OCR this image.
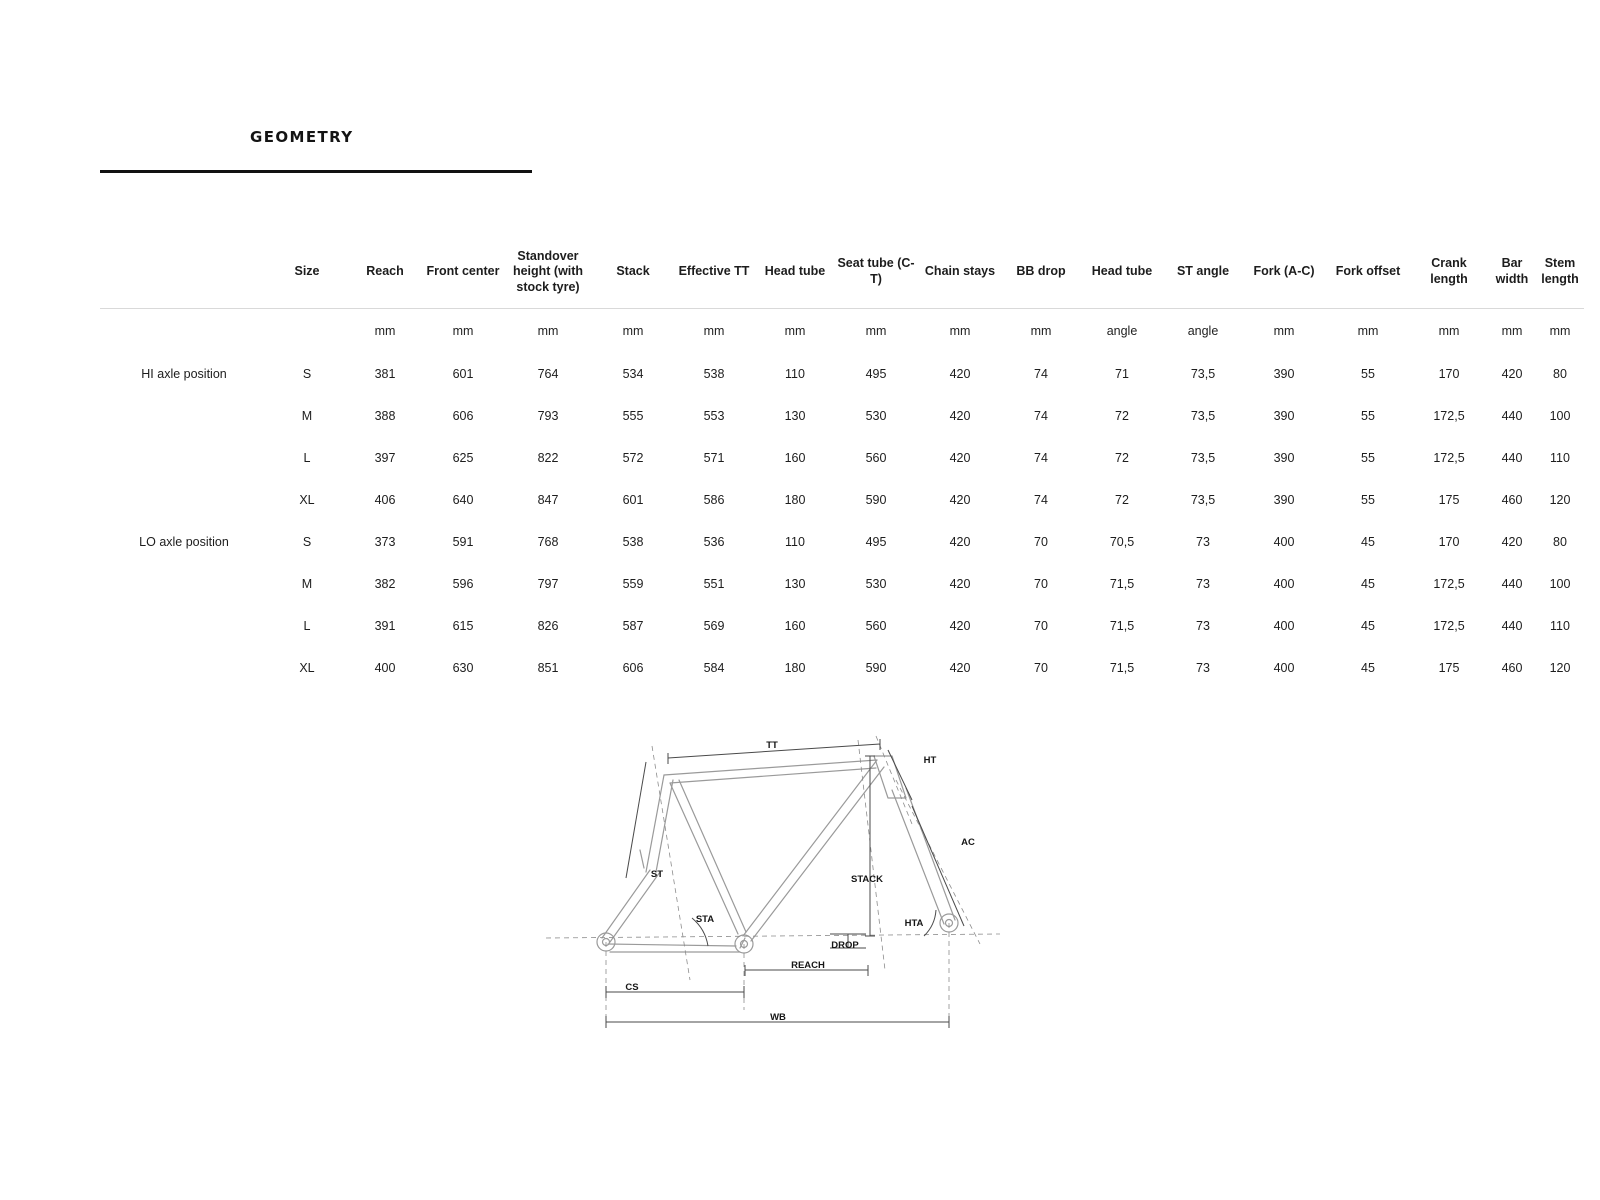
GEOMETRY
	Size	Reach	Front center	Standover height (with stock tyre)	Stack	Effective TT	Head tube	Seat tube (C-T)	Chain stays	BB drop	Head tube	ST angle	Fork (A-C)	Fork offset	Crank length	Bar width	Stem length
		mm	mm	mm	mm	mm	mm	mm	mm	mm	angle	angle	mm	mm	mm	mm	mm
HI axle position	S	381	601	764	534	538	110	495	420	74	71	73,5	390	55	170	420	80
	M	388	606	793	555	553	130	530	420	74	72	73,5	390	55	172,5	440	100
	L	397	625	822	572	571	160	560	420	74	72	73,5	390	55	172,5	440	110
	XL	406	640	847	601	586	180	590	420	74	72	73,5	390	55	175	460	120
LO axle position	S	373	591	768	538	536	110	495	420	70	70,5	73	400	45	170	420	80
	M	382	596	797	559	551	130	530	420	70	71,5	73	400	45	172,5	440	100
	L	391	615	826	587	569	160	560	420	70	71,5	73	400	45	172,5	440	110
	XL	400	630	851	606	584	180	590	420	70	71,5	73	400	45	175	460	120
TT
HT
AC
ST	STACK
STA	HTA
DROP
REACH
CS
WB
